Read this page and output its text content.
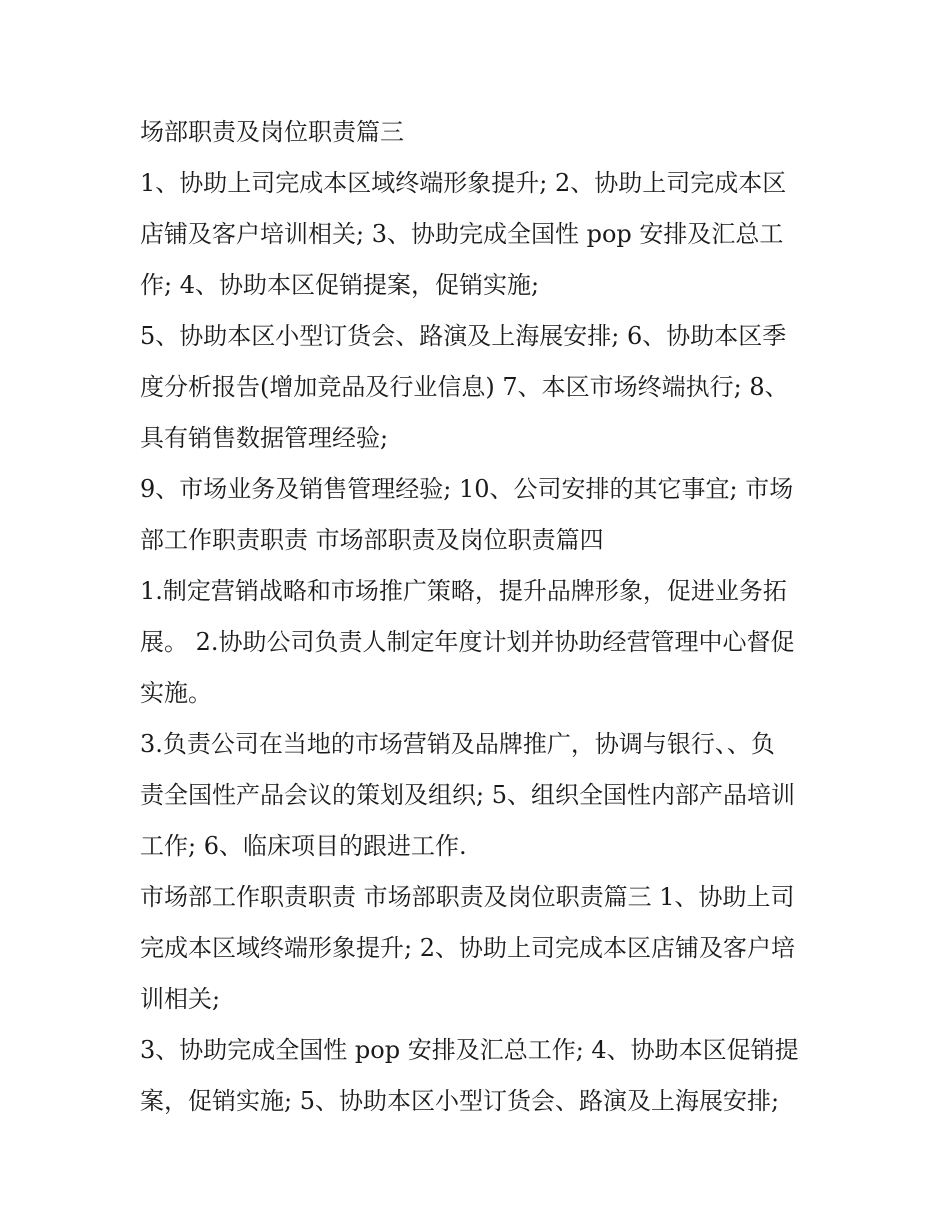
场部职责及岗位职责篇三
1、协助上司完成本区域终端形象提升; 2、协助上司完成本区
店铺及客户培训相关; 3、协助完成全国性 pop 安排及汇总工
作; 4、协助本区促销提案，促销实施;
5、协助本区小型订货会、路演及上海展安排; 6、协助本区季
度分析报告(增加竞品及行业信息) 7、本区市场终端执行; 8、
具有销售数据管理经验;
9、市场业务及销售管理经验; 10、公司安排的其它事宜; 市场
部工作职责职责 市场部职责及岗位职责篇四
1.制定营销战略和市场推广策略，提升品牌形象，促进业务拓
展。 2.协助公司负责人制定年度计划并协助经营管理中心督促
实施。
3.负责公司在当地的市场营销及品牌推广，协调与银行、、负
责全国性产品会议的策划及组织; 5、组织全国性内部产品培训
工作; 6、临床项目的跟进工作.
市场部工作职责职责 市场部职责及岗位职责篇三 1、协助上司
完成本区域终端形象提升; 2、协助上司完成本区店铺及客户培
训相关;
3、协助完成全国性 pop 安排及汇总工作; 4、协助本区促销提
案，促销实施; 5、协助本区小型订货会、路演及上海展安排;
